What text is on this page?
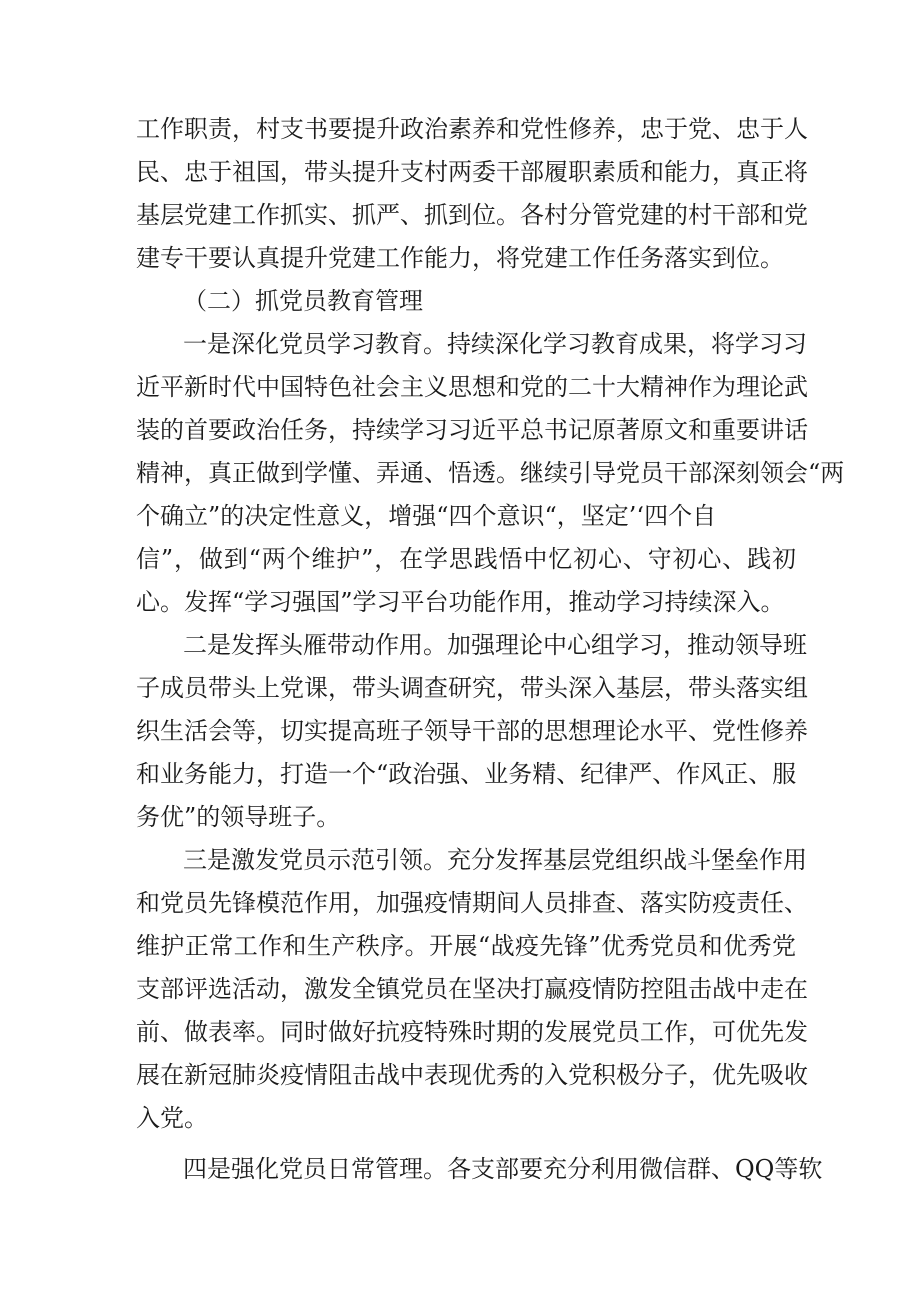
工作职责，村支书要提升政治素养和党性修养，忠于党、忠于人
民、忠于祖国，带头提升支村两委干部履职素质和能力，真正将
基层党建工作抓实、抓严、抓到位。各村分管党建的村干部和党
建专干要认真提升党建工作能力，将党建工作任务落实到位。
（二）抓党员教育管理
一是深化党员学习教育。持续深化学习教育成果，将学习习
近平新时代中国特色社会主义思想和党的二十大精神作为理论武
装的首要政治任务，持续学习习近平总书记原著原文和重要讲话
精神，真正做到学懂、弄通、悟透。继续引导党员干部深刻领会“两
个确立”的决定性意义，增强“四个意识“，坚定’‘四个自
信”，做到“两个维护”，在学思践悟中忆初心、守初心、践初
心。发挥“学习强国”学习平台功能作用，推动学习持续深入。
二是发挥头雁带动作用。加强理论中心组学习，推动领导班
子成员带头上党课，带头调查研究，带头深入基层，带头落实组
织生活会等，切实提高班子领导干部的思想理论水平、党性修养
和业务能力，打造一个“政治强、业务精、纪律严、作风正、服
务优”的领导班子。
三是激发党员示范引领。充分发挥基层党组织战斗堡垒作用
和党员先锋模范作用，加强疫情期间人员排查、落实防疫责任、
维护正常工作和生产秩序。开展“战疫先锋”优秀党员和优秀党
支部评选活动，激发全镇党员在坚决打赢疫情防控阻击战中走在
前、做表率。同时做好抗疫特殊时期的发展党员工作，可优先发
展在新冠肺炎疫情阻击战中表现优秀的入党积极分子，优先吸收
入党。
四是强化党员日常管理。各支部要充分利用微信群、QQ等软
